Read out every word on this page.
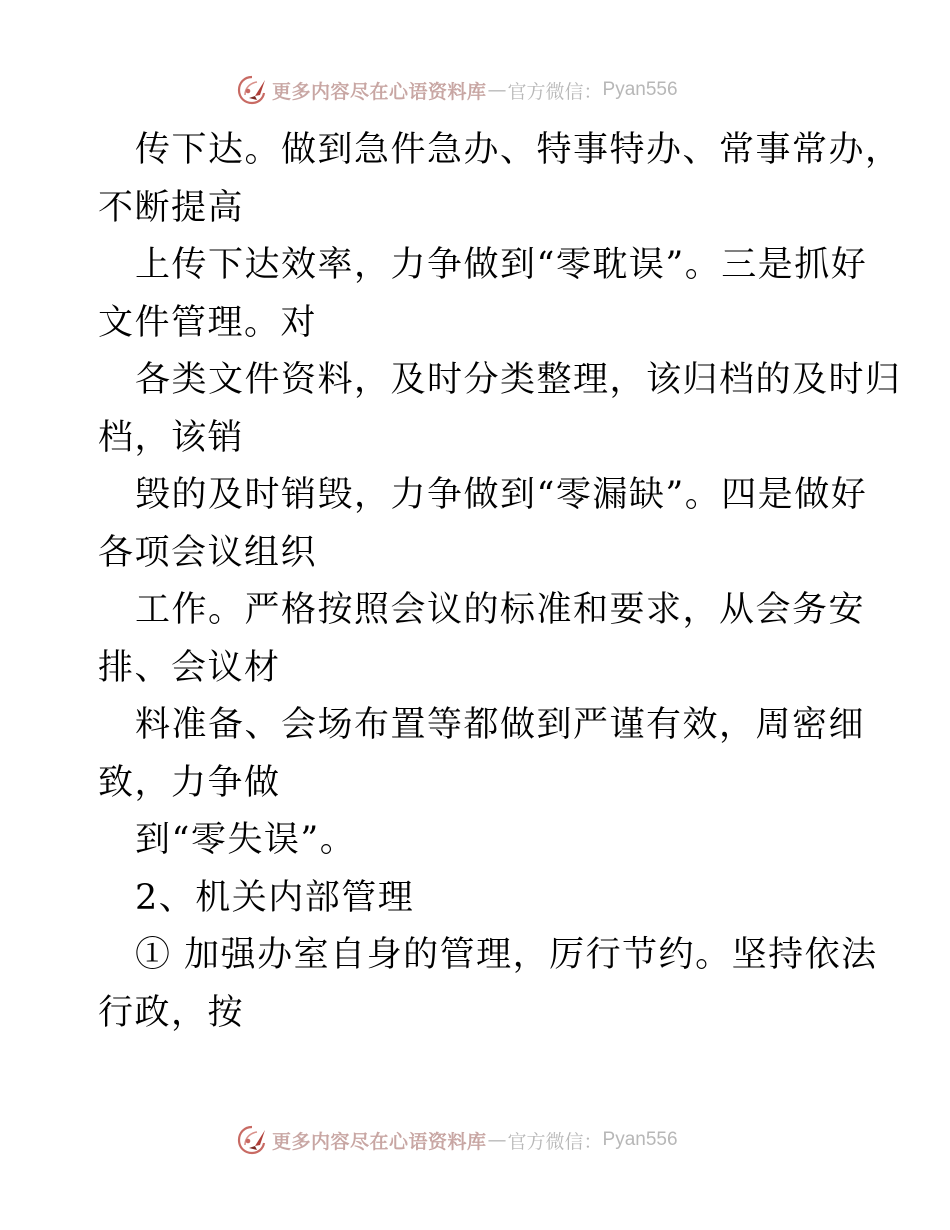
更多内容尽在心语资料库 — 官方微信： Pyan556

传下达。做到急件急办、特事特办、常事常办，
不断提高

上传下达效率，力争做到“零耽误”。三是抓好
文件管理。对

各类文件资料，及时分类整理，该归档的及时归
档，该销

毁的及时销毁，力争做到“零漏缺”。四是做好
各项会议组织

工作。严格按照会议的标准和要求，从会务安
排、会议材

料准备、会场布置等都做到严谨有效，周密细
致，力争做

到“零失误”。

2、机关内部管理

① 加强办室自身的管理，厉行节约。坚持依法
行政，按

更多内容尽在心语资料库 — 官方微信： Pyan556
